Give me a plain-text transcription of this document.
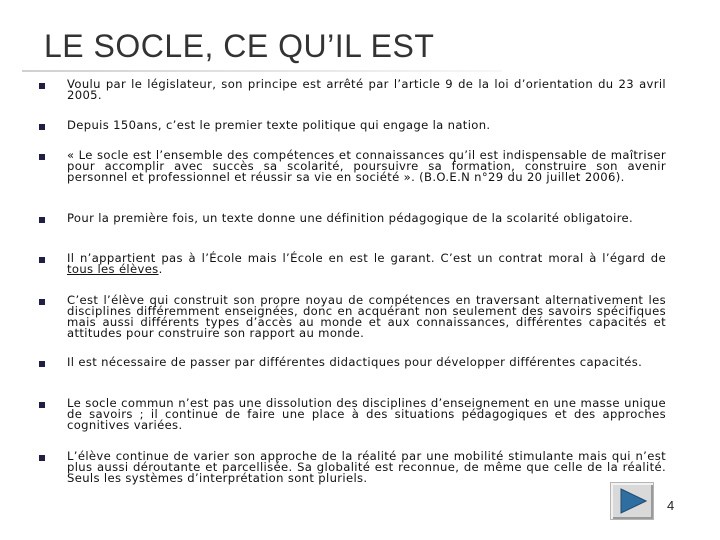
LE SOCLE, CE QU’IL EST

Voulu par le législateur, son principe est arrêté par l’article 9 de la loi d’orientation du 23 avril 2005.

Depuis 150ans, c’est le premier texte politique qui engage la nation.

« Le socle est l’ensemble des compétences et connaissances qu’il est indispensable de maîtriser pour accomplir avec succès sa scolarité, poursuivre sa formation, construire son avenir personnel et professionnel et réussir sa vie en société ». (B.O.E.N n°29 du 20 juillet 2006).

Pour la première fois, un texte donne une définition pédagogique de la scolarité obligatoire.

Il n’appartient pas à l’École mais l’École en est le garant. C’est un contrat moral à l’égard de tous les élèves.

C’est l’élève qui construit son propre noyau de compétences en traversant alternativement les disciplines différemment enseignées, donc en acquérant non seulement des savoirs spécifiques mais aussi différents types d’accès au monde et aux connaissances, différentes capacités et attitudes pour construire son rapport au monde.

Il est nécessaire de passer par différentes didactiques pour développer différentes capacités.

Le socle commun n’est pas une dissolution des disciplines d’enseignement en une masse unique de savoirs ; il continue de faire une place à des situations pédagogiques et des approches cognitives variées.

L’élève continue de varier son approche de la réalité par une mobilité stimulante mais qui n’est plus aussi déroutante et parcellisée. Sa globalité est reconnue, de même que celle de la réalité. Seuls les systèmes d’interprétation sont pluriels.

4
